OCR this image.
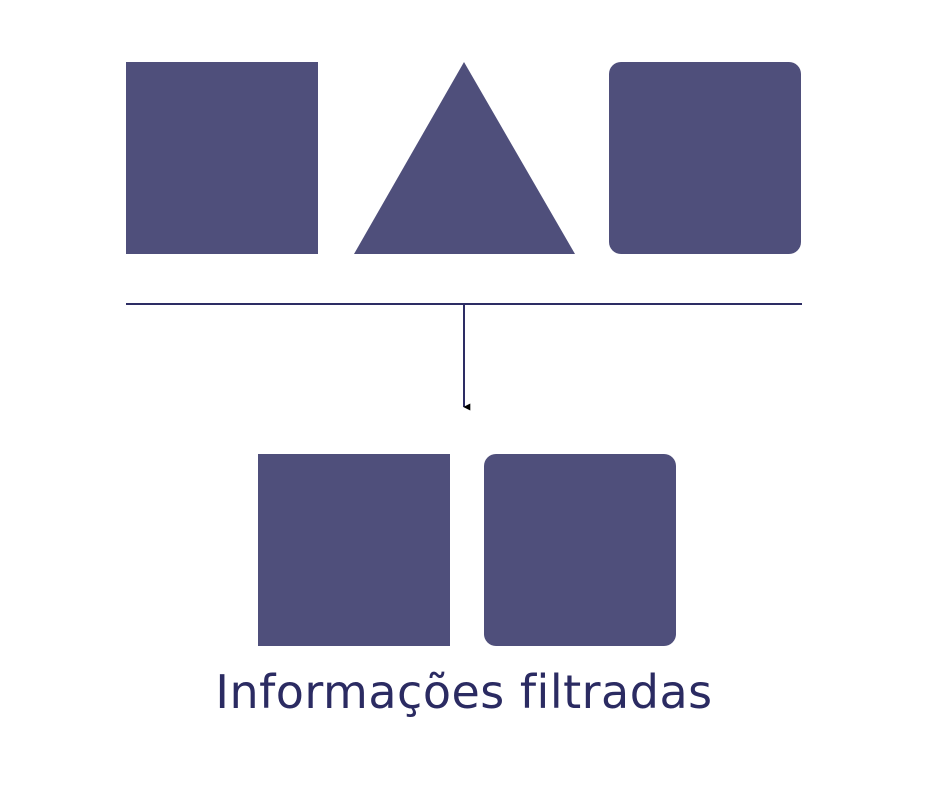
Informações filtradas
